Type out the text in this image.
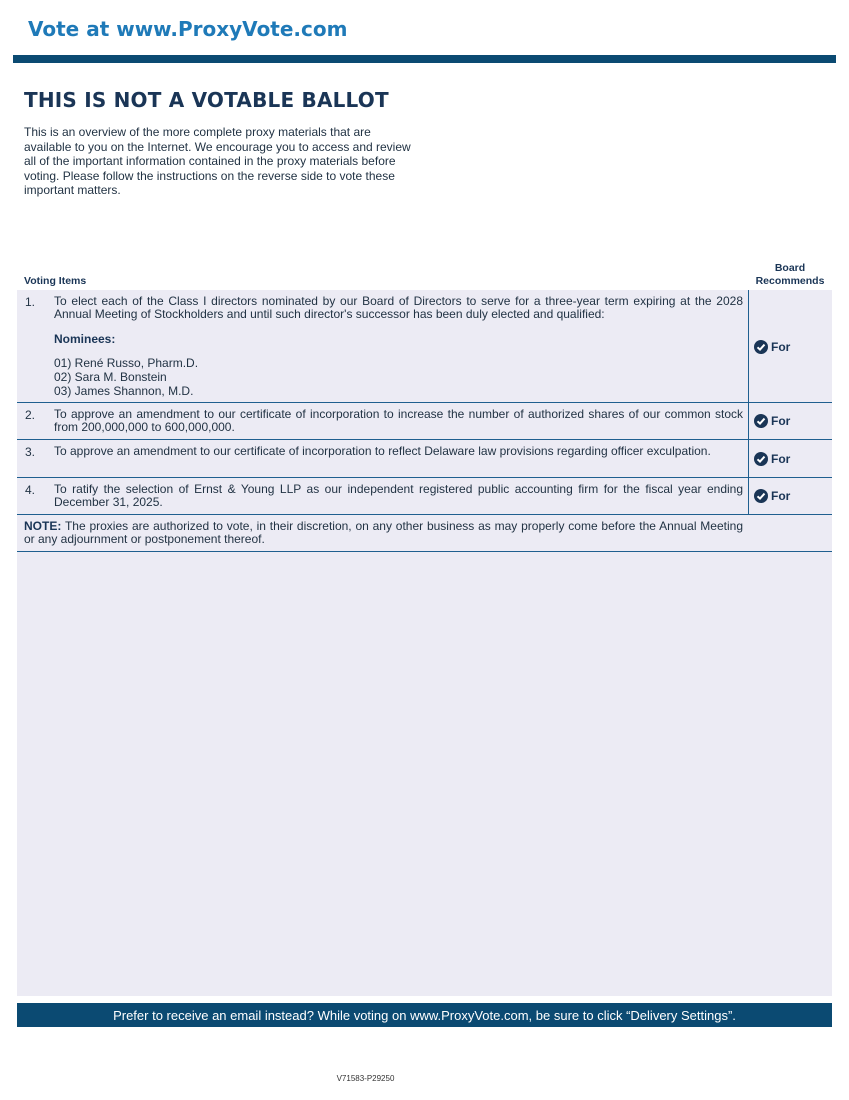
Vote at www.ProxyVote.com
THIS IS NOT A VOTABLE BALLOT
This is an overview of the more complete proxy materials that are available to you on the Internet. We encourage you to access and review all of the important information contained in the proxy materials before voting. Please follow the instructions on the reverse side to vote these important matters.
Voting Items
Board
Recommends
1. To elect each of the Class I directors nominated by our Board of Directors to serve for a three-year term expiring at the 2028 Annual Meeting of Stockholders and until such director's successor has been duly elected and qualified:
Nominees:
01) René Russo, Pharm.D.
02) Sara M. Bonstein
03) James Shannon, M.D.
For
2. To approve an amendment to our certificate of incorporation to increase the number of authorized shares of our common stock from 200,000,000 to 600,000,000.	For
3. To approve an amendment to our certificate of incorporation to reflect Delaware law provisions regarding officer exculpation.
For
4. To ratify the selection of Ernst & Young LLP as our independent registered public accounting firm for the fiscal year ending December 31, 2025.	For
NOTE: The proxies are authorized to vote, in their discretion, on any other business as may properly come before the Annual Meeting or any adjournment or postponement thereof.
Prefer to receive an email instead? While voting on www.ProxyVote.com, be sure to click “Delivery Settings”.
V71583-P29250
